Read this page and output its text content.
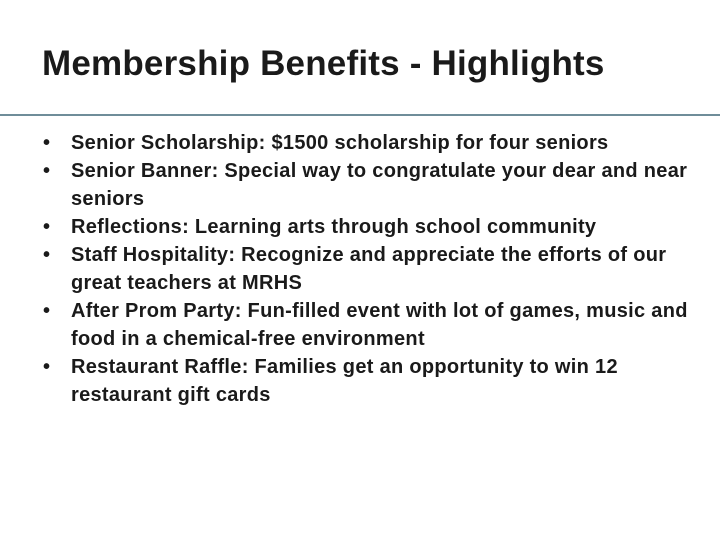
Membership Benefits - Highlights
•	Senior Scholarship: $1500 scholarship for four seniors
•	Senior Banner: Special way to congratulate your dear and near seniors
•	Reflections: Learning arts through school community
•	Staff Hospitality: Recognize and appreciate the efforts of our great teachers at MRHS
•	After Prom Party: Fun-filled event with lot of games, music and food in a chemical-free environment
•	Restaurant Raffle: Families get an opportunity to win 12 restaurant gift cards
